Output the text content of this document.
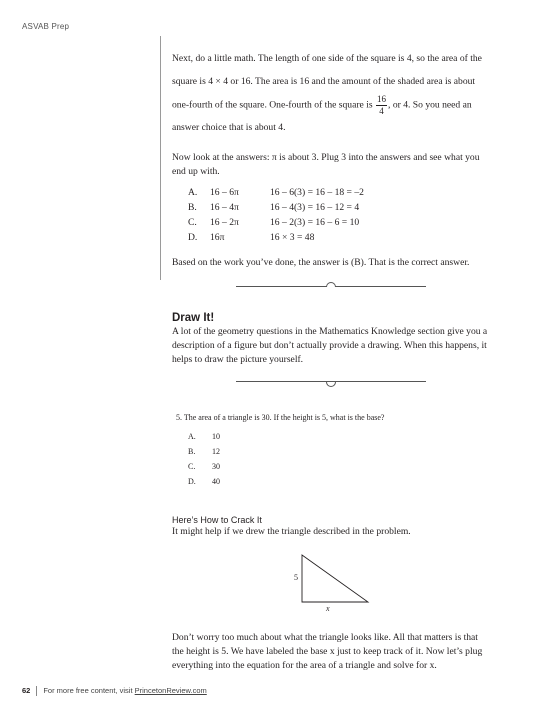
ASVAB Prep
Next, do a little math. The length of one side of the square is 4, so the area of the
square is 4 × 4 or 16. The area is 16 and the amount of the shaded area is about
one-fourth of the square. One-fourth of the square is $\frac{16}{4}$ , or 4. So you need an
answer choice that is about 4.
Now look at the answers: π is about 3. Plug 3 into the answers and see what you
end up with.
A. 16 – 6π	16 – 6(3) = 16 – 18 = –2
B. 16 – 4π	16 – 4(3) = 16 – 12 = 4
C. 16 – 2π	16 – 2(3) = 16 – 6 = 10
D. 16π	16 × 3 = 48
Based on the work you’ve done, the answer is (B). That is the correct answer.
Draw It!
A lot of the geometry questions in the Mathematics Knowledge section give you a
description of a figure but don’t actually provide a drawing. When this happens, it
helps to draw the picture yourself.
5. The area of a triangle is 30. If the height is 5, what is the base?
A. 10
B. 12
C. 30
D. 40
Here’s How to Crack It
It might help if we drew the triangle described in the problem.
5
x
Don’t worry too much about what the triangle looks like. All that matters is that
the height is 5. We have labeled the base x just to keep track of it. Now let’s plug
everything into the equation for the area of a triangle and solve for x.
62 For more free content, visit PrincetonReview.com
